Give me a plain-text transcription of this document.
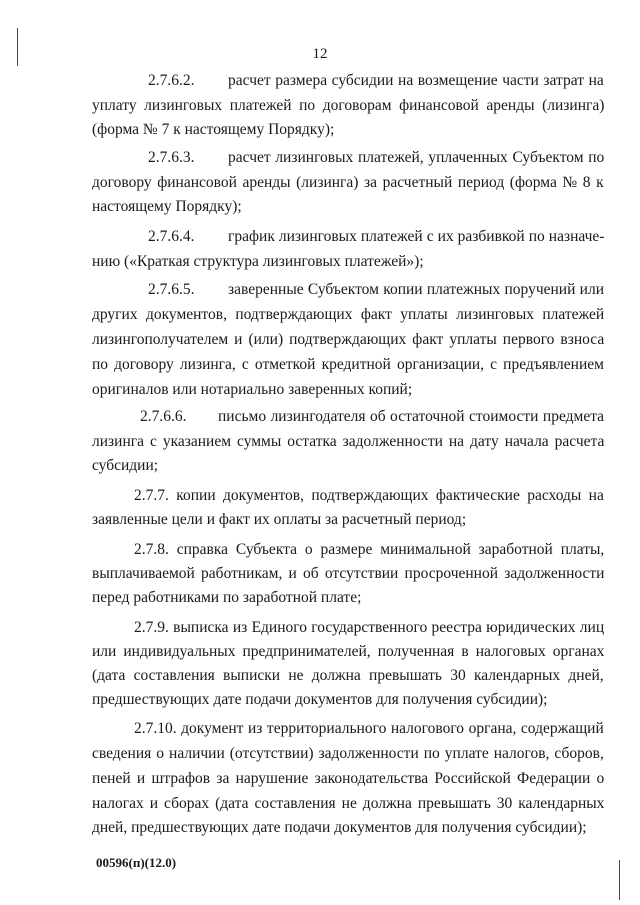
12
2.7.6.2. расчет размера субсидии на возмещение части затрат на
уплату лизинговых платежей по договорам финансовой аренды (лизинга)
(форма № 7 к настоящему Порядку);
2.7.6.3. расчет лизинговых платежей, уплаченных Субъектом по
договору финансовой аренды (лизинга) за расчетный период (форма № 8 к
настоящему Порядку);
2.7.6.4. график лизинговых платежей с их разбивкой по назначе-
нию («Краткая структура лизинговых платежей»);
2.7.6.5. заверенные Субъектом копии платежных поручений или
других документов, подтверждающих факт уплаты лизинговых платежей
лизингополучателем и (или) подтверждающих факт уплаты первого взноса
по договору лизинга, с отметкой кредитной организации, с предъявлением
оригиналов или нотариально заверенных копий;
2.7.6.6. письмо лизингодателя об остаточной стоимости предмета
лизинга с указанием суммы остатка задолженности на дату начала расчета
субсидии;
2.7.7. копии документов, подтверждающих фактические расходы на
заявленные цели и факт их оплаты за расчетный период;
2.7.8. справка Субъекта о размере минимальной заработной платы,
выплачиваемой работникам, и об отсутствии просроченной задолженности
перед работниками по заработной плате;
2.7.9. выписка из Единого государственного реестра юридических лиц
или индивидуальных предпринимателей, полученная в налоговых органах
(дата составления выписки не должна превышать 30 календарных дней,
предшествующих дате подачи документов для получения субсидии);
2.7.10. документ из территориального налогового органа, содержащий
сведения о наличии (отсутствии) задолженности по уплате налогов, сборов,
пеней и штрафов за нарушение законодательства Российской Федерации о
налогах и сборах (дата составления не должна превышать 30 календарных
дней, предшествующих дате подачи документов для получения субсидии);
00596(п)(12.0)
